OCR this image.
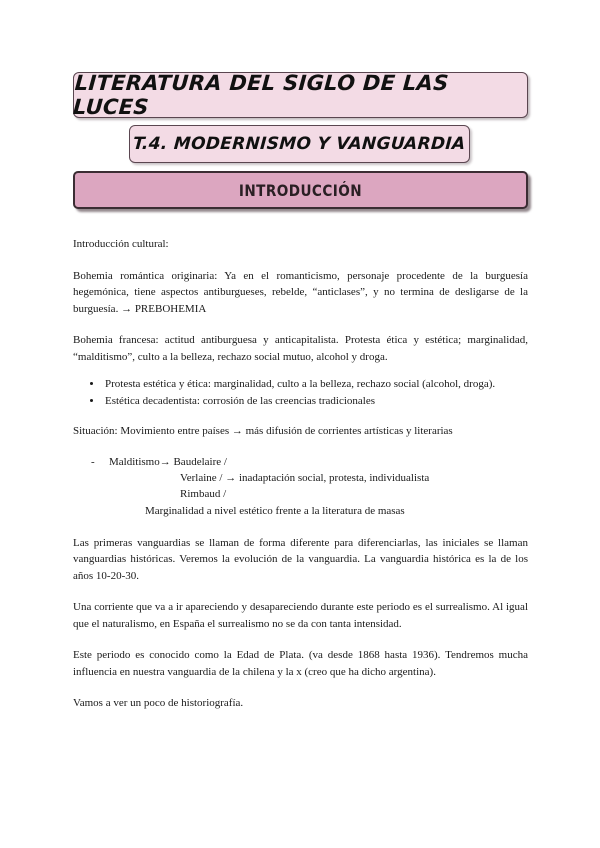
LITERATURA DEL SIGLO DE LAS LUCES
T.4. MODERNISMO Y VANGUARDIA
INTRODUCCIÓN

Introducción cultural:

Bohemia romántica originaria: Ya en el romanticismo, personaje procedente de la burguesía hegemónica, tiene aspectos antiburgueses, rebelde, “anticlases”, y no termina de desligarse de la burguesía. → PREBOHEMIA

Bohemia francesa: actitud antiburguesa y anticapitalista. Protesta ética y estética; marginalidad, “malditismo”, culto a la belleza, rechazo social mutuo, alcohol y droga.

• Protesta estética y ética: marginalidad, culto a la belleza, rechazo social (alcohol, droga).
• Estética decadentista: corrosión de las creencias tradicionales

Situación: Movimiento entre países → más difusión de corrientes artísticas y literarias

- Malditismo→ Baudelaire /
Verlaine / → inadaptación social, protesta, individualista
Rimbaud /
Marginalidad a nivel estético frente a la literatura de masas

Las primeras vanguardias se llaman de forma diferente para diferenciarlas, las iniciales se llaman vanguardias históricas. Veremos la evolución de la vanguardia. La vanguardia histórica es la de los años 10-20-30.

Una corriente que va a ir apareciendo y desapareciendo durante este periodo es el surrealismo. Al igual que el naturalismo, en España el surrealismo no se da con tanta intensidad.

Este periodo es conocido como la Edad de Plata. (va desde 1868 hasta 1936). Tendremos mucha influencia en nuestra vanguardia de la chilena y la x (creo que ha dicho argentina).

Vamos a ver un poco de historiografía.
